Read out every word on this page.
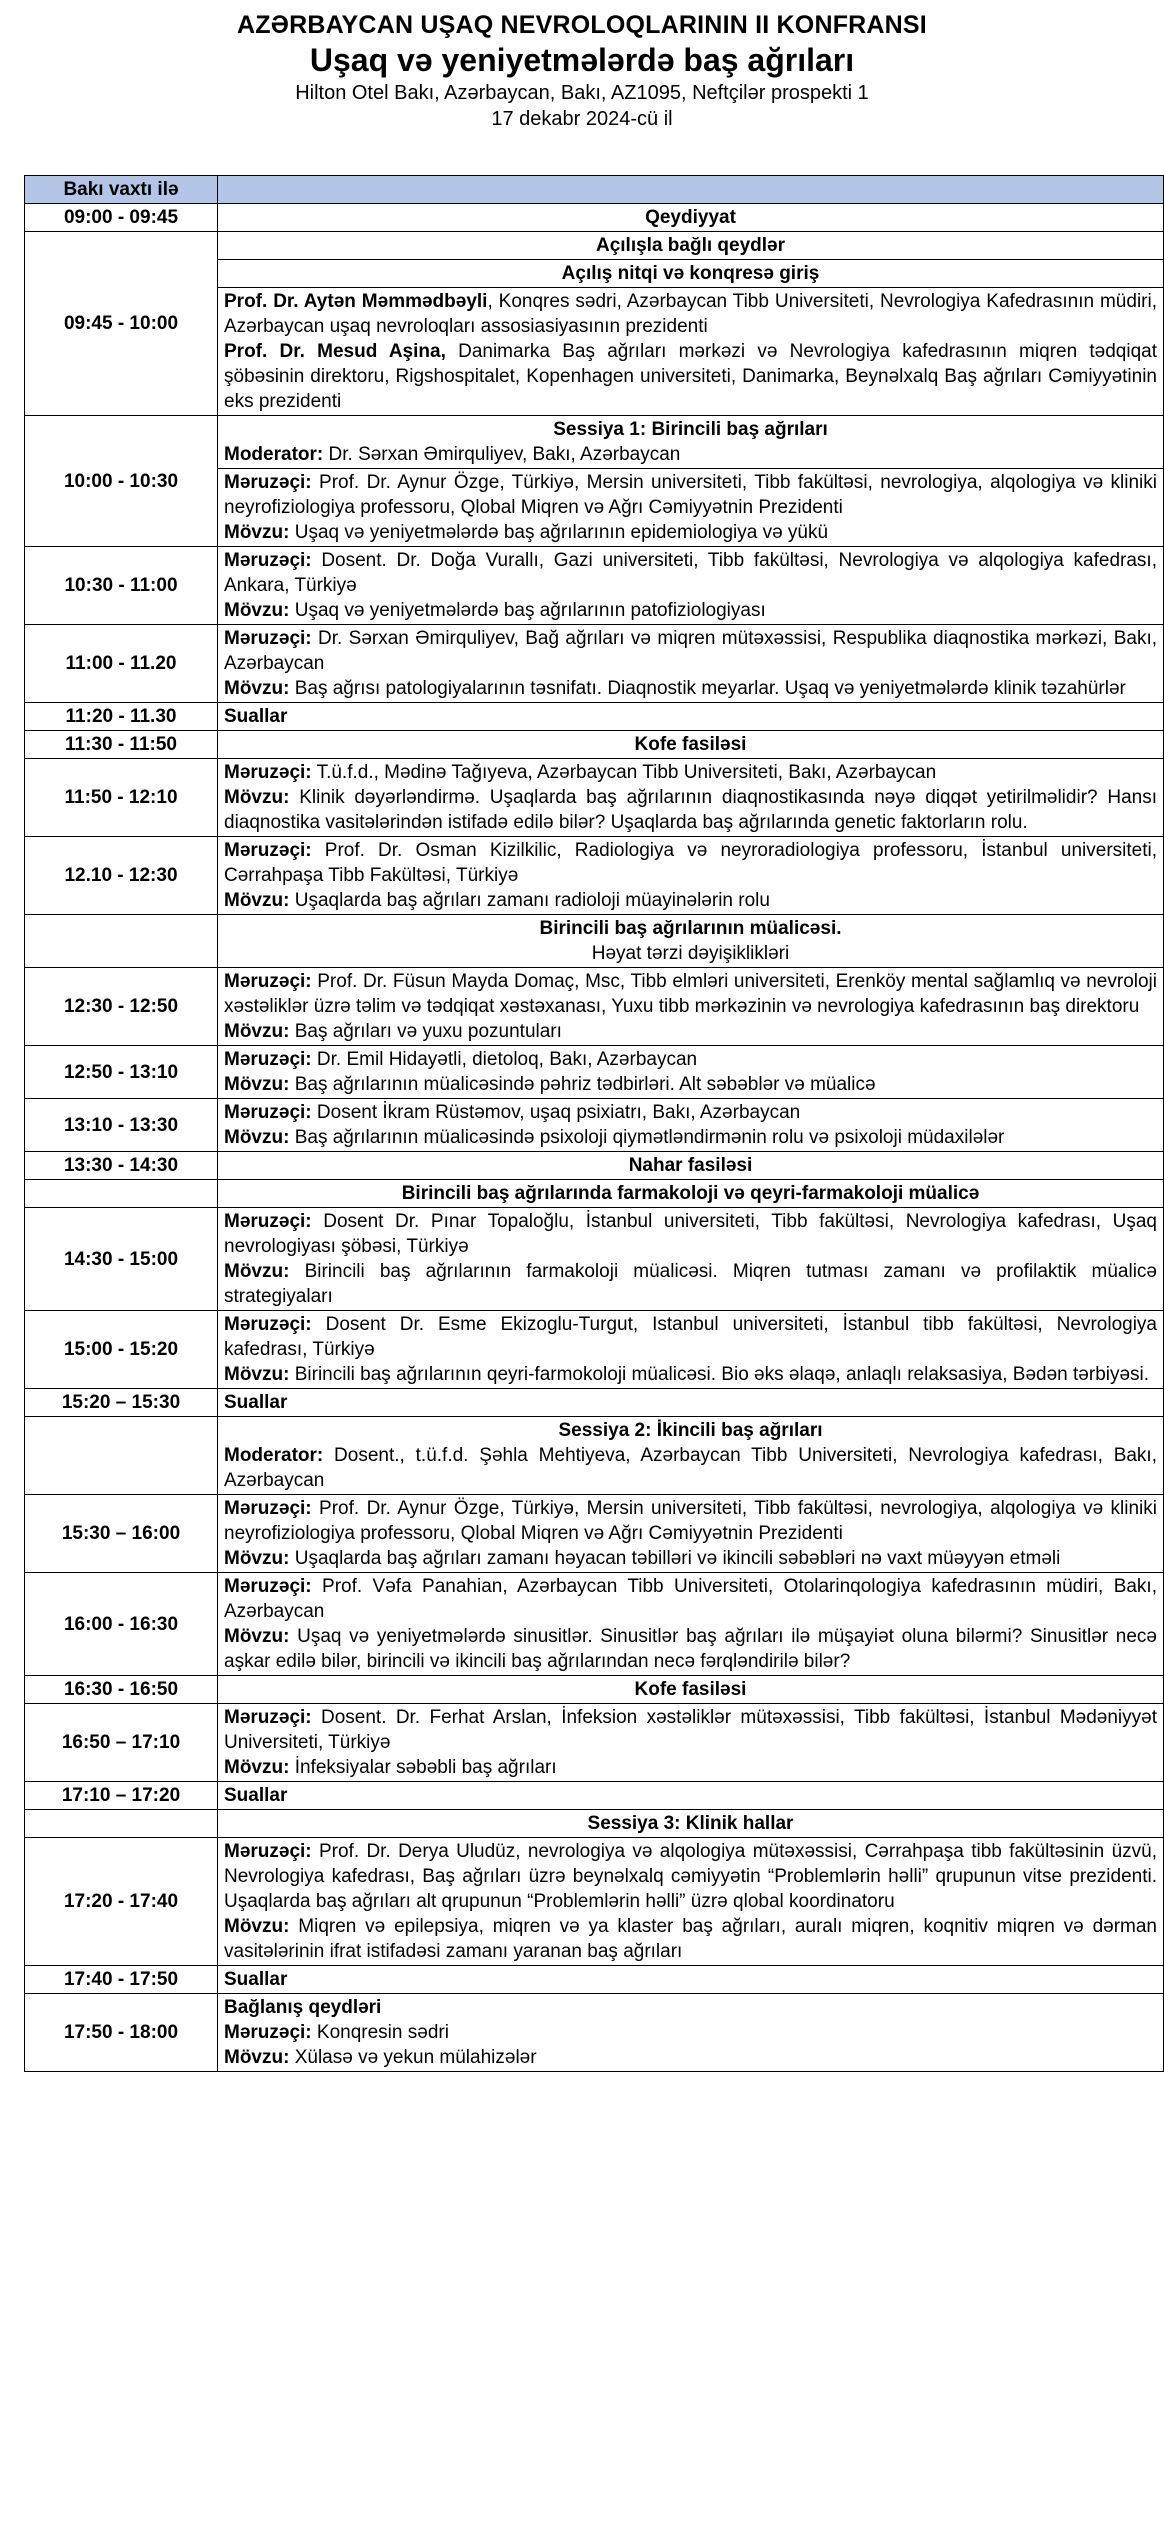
AZƏRBAYCAN UŞAQ NEVROLOQLARININ II KONFRANSI
Uşaq və yeniyetmələrdə baş ağrıları
Hilton Otel Bakı, Azərbaycan, Bakı, AZ1095, Neftçilər prospekti 1
17 dekabr 2024-cü il
Bakı vaxtı ilə	
09:00 - 09:45	Qeydiyyat
09:45 - 10:00	Açılışla bağlı qeydlər
	Açılış nitqi və konqresə giriş

	Prof. Dr. Aytən Məmmədbəyli, Konqres sədri, Azərbaycan Tibb Universiteti, Nevrologiya Kafedrasının müdiri, Azərbaycan uşaq nevroloqları assosiasiyasının prezidenti
Prof. Dr. Mesud Aşina, Danimarka Baş ağrıları mərkəzi və Nevrologiya kafedrasının miqren tədqiqat şöbəsinin direktoru, Rigshospitalet, Kopenhagen universiteti, Danimarka, Beynəlxalq Baş ağrıları Cəmiyyətinin eks prezidenti

10:00 - 10:30	Sessiya 1: Birincili baş ağrıları
Moderator: Dr. Sərxan Əmirquliyev, Bakı, Azərbaycan

	Məruzəçi: Prof. Dr. Aynur Özge, Türkiyə, Mersin universiteti, Tibb fakültəsi, nevrologiya, alqologiya və kliniki neyrofiziologiya professoru, Qlobal Miqren və Ağrı Cəmiyyətnin Prezidenti
Mövzu: Uşaq və yeniyetmələrdə baş ağrılarının epidemiologiya və yükü

10:30 - 11:00	Məruzəçi: Dosent. Dr. Doğa Vurallı, Gazi universiteti, Tibb fakültəsi, Nevrologiya və alqologiya kafedrası, Ankara, Türkiyə
Mövzu: Uşaq və yeniyetmələrdə baş ağrılarının patofiziologiyası

11:00 - 11.20	Məruzəçi: Dr. Sərxan Əmirquliyev, Bağ ağrıları və miqren mütəxəssisi, Respublika diaqnostika mərkəzi, Bakı, Azərbaycan
Mövzu: Baş ağrısı patologiyalarının təsnifatı. Diaqnostik meyarlar. Uşaq və yeniyetmələrdə klinik təzahürlər

11:20 - 11.30	Suallar
11:30 - 11:50	Kofe fasiləsi
11:50 - 12:10	Məruzəçi: T.ü.f.d., Mədinə Tağıyeva, Azərbaycan Tibb Universiteti, Bakı, Azərbaycan
Mövzu: Klinik dəyərləndirmə. Uşaqlarda baş ağrılarının diaqnostikasında nəyə diqqət yetirilməlidir? Hansı diaqnostika vasitələrindən istifadə edilə bilər? Uşaqlarda baş ağrılarında genetic faktorların rolu.

12.10 - 12:30	Məruzəçi: Prof. Dr. Osman Kizilkilic, Radiologiya və neyroradiologiya professoru, İstanbul universiteti, Cərrahpaşa Tibb Fakültəsi, Türkiyə
Mövzu: Uşaqlarda baş ağrıları zamanı radioloji müayinələrin rolu

	Birincili baş ağrılarının müalicəsi.
Həyat tərzi dəyişiklikləri

12:30 - 12:50	Məruzəçi: Prof. Dr. Füsun Mayda Domaç, Msc, Tibb elmləri universiteti, Erenköy mental sağlamlıq və nevroloji xəstəliklər üzrə təlim və tədqiqat xəstəxanası, Yuxu tibb mərkəzinin və nevrologiya kafedrasının baş direktoru
Mövzu: Baş ağrıları və yuxu pozuntuları

12:50 - 13:10	Məruzəçi: Dr. Emil Hidayətli, dietoloq, Bakı, Azərbaycan
Mövzu: Baş ağrılarının müalicəsində pəhriz tədbirləri. Alt səbəblər və müalicə

13:10 - 13:30	Məruzəçi: Dosent İkram Rüstəmov, uşaq psixiatrı, Bakı, Azərbaycan
Mövzu: Baş ağrılarının müalicəsində psixoloji qiymətləndirmənin rolu və psixoloji müdaxilələr

13:30 - 14:30	Nahar fasiləsi
	Birincili baş ağrılarında farmakoloji və qeyri-farmakoloji müalicə
14:30 - 15:00	Məruzəçi: Dosent Dr. Pınar Topaloğlu, İstanbul universiteti, Tibb fakültəsi, Nevrologiya kafedrası, Uşaq nevrologiyası şöbəsi, Türkiyə
Mövzu: Birincili baş ağrılarının farmakoloji müalicəsi. Miqren tutması zamanı və profilaktik müalicə strategiyaları

15:00 - 15:20	Məruzəçi: Dosent Dr. Esme Ekizoglu-Turgut, Istanbul universiteti, İstanbul tibb fakültəsi, Nevrologiya kafedrası, Türkiyə
Mövzu: Birincili baş ağrılarının qeyri-farmokoloji müalicəsi. Bio əks əlaqə, anlaqlı relaksasiya, Bədən tərbiyəsi.

15:20 – 15:30	Suallar

	Sessiya 2: İkincili baş ağrıları
Moderator: Dosent., t.ü.f.d. Şəhla Mehtiyeva, Azərbaycan Tibb Universiteti, Nevrologiya kafedrası, Bakı, Azərbaycan

15:30 – 16:00	Məruzəçi: Prof. Dr. Aynur Özge, Türkiyə, Mersin universiteti, Tibb fakültəsi, nevrologiya, alqologiya və kliniki neyrofiziologiya professoru, Qlobal Miqren və Ağrı Cəmiyyətnin Prezidenti
Mövzu: Uşaqlarda baş ağrıları zamanı həyacan təbilləri və ikincili səbəbləri nə vaxt müəyyən etməli

16:00 - 16:30	Məruzəçi: Prof. Vəfa Panahian, Azərbaycan Tibb Universiteti, Otolarinqologiya kafedrasının müdiri, Bakı, Azərbaycan
Mövzu: Uşaq və yeniyetmələrdə sinusitlər. Sinusitlər baş ağrıları ilə müşayiət oluna bilərmi? Sinusitlər necə aşkar edilə bilər, birincili və ikincili baş ağrılarından necə fərqləndirilə bilər?

16:30 - 16:50	Kofe fasiləsi
16:50 – 17:10	Məruzəçi: Dosent. Dr. Ferhat Arslan, İnfeksion xəstəliklər mütəxəssisi, Tibb fakültəsi, İstanbul Mədəniyyət Universiteti, Türkiyə
Mövzu: İnfeksiyalar səbəbli baş ağrıları

17:10 – 17:20	Suallar
	Sessiya 3: Klinik hallar
17:20 - 17:40	Məruzəçi: Prof. Dr. Derya Uludüz, nevrologiya və alqologiya mütəxəssisi, Cərrahpaşa tibb fakültəsinin üzvü, Nevrologiya kafedrası, Baş ağrıları üzrə beynəlxalq cəmiyyətin “Problemlərin həlli” qrupunun vitse prezidenti. Uşaqlarda baş ağrıları alt qrupunun “Problemlərin həlli” üzrə qlobal koordinatoru
Mövzu: Miqren və epilepsiya, miqren və ya klaster baş ağrıları, auralı miqren, koqnitiv miqren və dərman vasitələrinin ifrat istifadəsi zamanı yaranan baş ağrıları

17:40 - 17:50	Suallar
17:50 - 18:00	Bağlanış qeydləri
Məruzəçi: Konqresin sədri
Mövzu: Xülasə və yekun mülahizələr
